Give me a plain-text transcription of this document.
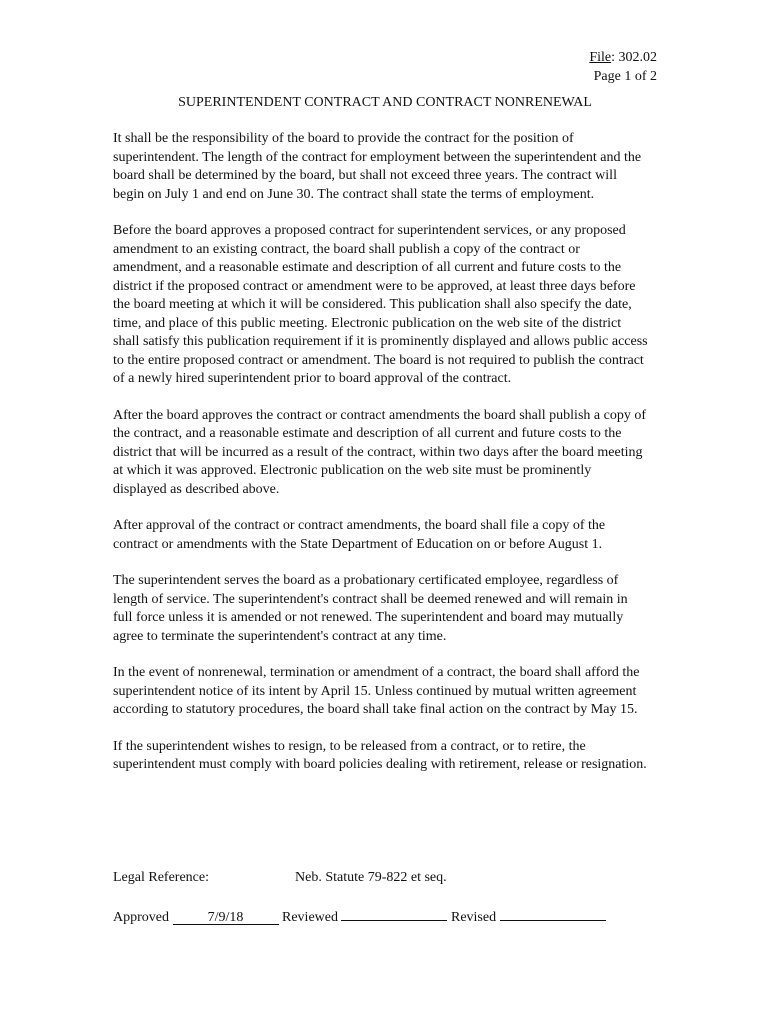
File: 302.02
Page 1 of 2
SUPERINTENDENT CONTRACT AND CONTRACT NONRENEWAL

It shall be the responsibility of the board to provide the contract for the position of superintendent. The length of the contract for employment between the superintendent and the board shall be determined by the board, but shall not exceed three years. The contract will begin on July 1 and end on June 30. The contract shall state the terms of employment.

Before the board approves a proposed contract for superintendent services, or any proposed amendment to an existing contract, the board shall publish a copy of the contract or amendment, and a reasonable estimate and description of all current and future costs to the district if the proposed contract or amendment were to be approved, at least three days before the board meeting at which it will be considered. This publication shall also specify the date, time, and place of this public meeting. Electronic publication on the web site of the district shall satisfy this publication requirement if it is prominently displayed and allows public access to the entire proposed contract or amendment. The board is not required to publish the contract of a newly hired superintendent prior to board approval of the contract.

After the board approves the contract or contract amendments the board shall publish a copy of the contract, and a reasonable estimate and description of all current and future costs to the district that will be incurred as a result of the contract, within two days after the board meeting at which it was approved. Electronic publication on the web site must be prominently displayed as described above.

After approval of the contract or contract amendments, the board shall file a copy of the contract or amendments with the State Department of Education on or before August 1.

The superintendent serves the board as a probationary certificated employee, regardless of length of service. The superintendent's contract shall be deemed renewed and will remain in full force unless it is amended or not renewed. The superintendent and board may mutually agree to terminate the superintendent's contract at any time.

In the event of nonrenewal, termination or amendment of a contract, the board shall afford the superintendent notice of its intent by April 15. Unless continued by mutual written agreement according to statutory procedures, the board shall take final action on the contract by May 15.

If the superintendent wishes to resign, to be released from a contract, or to retire, the superintendent must comply with board policies dealing with retirement, release or resignation.

Legal Reference:	Neb. Statute 79-822 et seq.
Approved	7/9/18	Reviewed	Revised
